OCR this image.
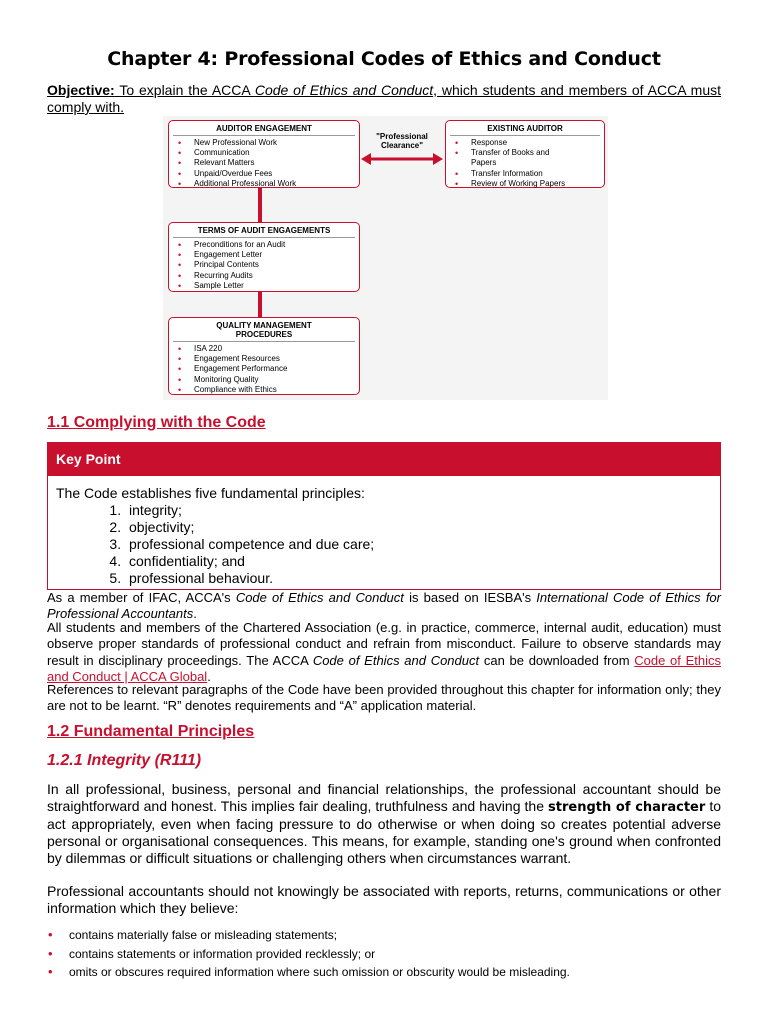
Chapter 4: Professional Codes of Ethics and Conduct
Objective: To explain the ACCA Code of Ethics and Conduct, which students and members of ACCA must comply with.
AUDITOR ENGAGEMENT
• New Professional Work
• Communication
• Relevant Matters
• Unpaid/Overdue Fees
• Additional Professional Work
"Professional Clearance"
EXISTING AUDITOR
• Response
• Transfer of Books and Papers
• Transfer Information
• Review of Working Papers
TERMS OF AUDIT ENGAGEMENTS
• Preconditions for an Audit
• Engagement Letter
• Principal Contents
• Recurring Audits
• Sample Letter
QUALITY MANAGEMENT PROCEDURES
• ISA 220
• Engagement Resources
• Engagement Performance
• Monitoring Quality
• Compliance with Ethics
1.1 Complying with the Code
Key Point
The Code establishes five fundamental principles:
1. integrity;
2. objectivity;
3. professional competence and due care;
4. confidentiality; and
5. professional behaviour.
As a member of IFAC, ACCA's Code of Ethics and Conduct is based on IESBA's International Code of Ethics for Professional Accountants.
All students and members of the Chartered Association (e.g. in practice, commerce, internal audit, education) must observe proper standards of professional conduct and refrain from misconduct. Failure to observe standards may result in disciplinary proceedings. The ACCA Code of Ethics and Conduct can be downloaded from Code of Ethics and Conduct | ACCA Global.
References to relevant paragraphs of the Code have been provided throughout this chapter for information only; they are not to be learnt. “R” denotes requirements and “A” application material.
1.2 Fundamental Principles
1.2.1 Integrity (R111)
In all professional, business, personal and financial relationships, the professional accountant should be straightforward and honest. This implies fair dealing, truthfulness and having the strength of character to act appropriately, even when facing pressure to do otherwise or when doing so creates potential adverse personal or organisational consequences. This means, for example, standing one's ground when confronted by dilemmas or difficult situations or challenging others when circumstances warrant.
Professional accountants should not knowingly be associated with reports, returns, communications or other information which they believe:
• contains materially false or misleading statements;
• contains statements or information provided recklessly; or
• omits or obscures required information where such omission or obscurity would be misleading.
